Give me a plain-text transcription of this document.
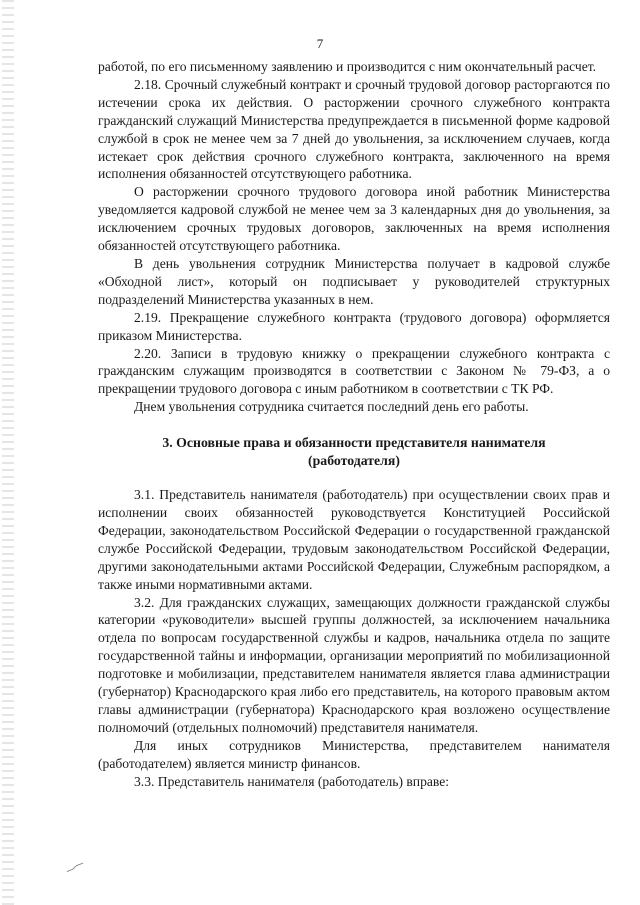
7

работой, по его письменному заявлению и производится с ним окончательный расчет.

2.18. Срочный служебный контракт и срочный трудовой договор расторгаются по истечении срока их действия. О расторжении срочного служебного контракта гражданский служащий Министерства предупреждается в письменной форме кадровой службой в срок не менее чем за 7 дней до увольнения, за исключением случаев, когда истекает срок действия срочного служебного контракта, заключенного на время исполнения обязанностей отсутствующего работника.

О расторжении срочного трудового договора иной работник Министерства уведомляется кадровой службой не менее чем за 3 календарных дня до увольнения, за исключением срочных трудовых договоров, заключенных на время исполнения обязанностей отсутствующего работника.

В день увольнения сотрудник Министерства получает в кадровой службе «Обходной лист», который он подписывает у руководителей структурных подразделений Министерства указанных в нем.

2.19. Прекращение служебного контракта (трудового договора) оформляется приказом Министерства.

2.20. Записи в трудовую книжку о прекращении служебного контракта с гражданским служащим производятся в соответствии с Законом № 79-ФЗ, а о прекращении трудового договора с иным работником в соответствии с ТК РФ.

Днем увольнения сотрудника считается последний день его работы.

3. Основные права и обязанности представителя нанимателя
(работодателя)

3.1. Представитель нанимателя (работодатель) при осуществлении своих прав и исполнении своих обязанностей руководствуется Конституцией Российской Федерации, законодательством Российской Федерации о государственной гражданской службе Российской Федерации, трудовым законодательством Российской Федерации, другими законодательными актами Российской Федерации, Служебным распорядком, а также иными нормативными актами.

3.2. Для гражданских служащих, замещающих должности гражданской службы категории «руководители» высшей группы должностей, за исключением начальника отдела по вопросам государственной службы и кадров, начальника отдела по защите государственной тайны и информации, организации мероприятий по мобилизационной подготовке и мобилизации, представителем нанимателя является глава администрации (губернатор) Краснодарского края либо его представитель, на которого правовым актом главы администрации (губернатора) Краснодарского края возложено осуществление полномочий (отдельных полномочий) представителя нанимателя.

Для иных сотрудников Министерства, представителем нанимателя (работодателем) является министр финансов.

3.3. Представитель нанимателя (работодатель) вправе:
